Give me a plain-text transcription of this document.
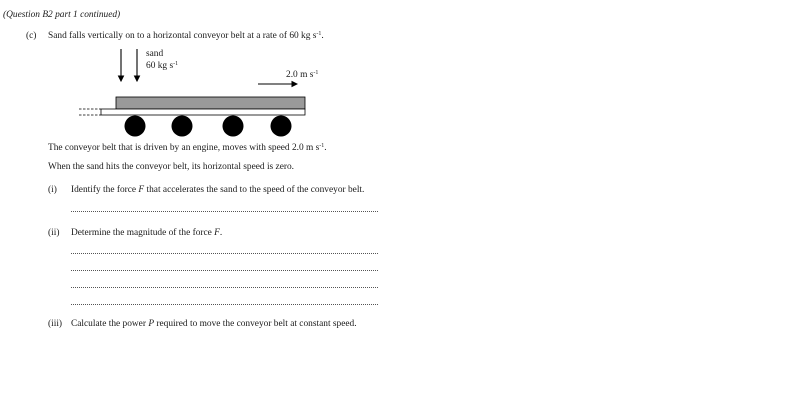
(Question B2 part 1 continued)
(c) Sand falls vertically on to a horizontal conveyor belt at a rate of 60 kg $s^{-1}$.
sand
60 kg $s^{-1}$
2.0 m $s^{-1}$
The conveyor belt that is driven by an engine, moves with speed 2.0 m $s^{-1}$.
When the sand hits the conveyor belt, its horizontal speed is zero.
(i) Identify the force F that accelerates the sand to the speed of the conveyor belt.
(ii) Determine the magnitude of the force F.
(iii) Calculate the power P required to move the conveyor belt at constant speed.
